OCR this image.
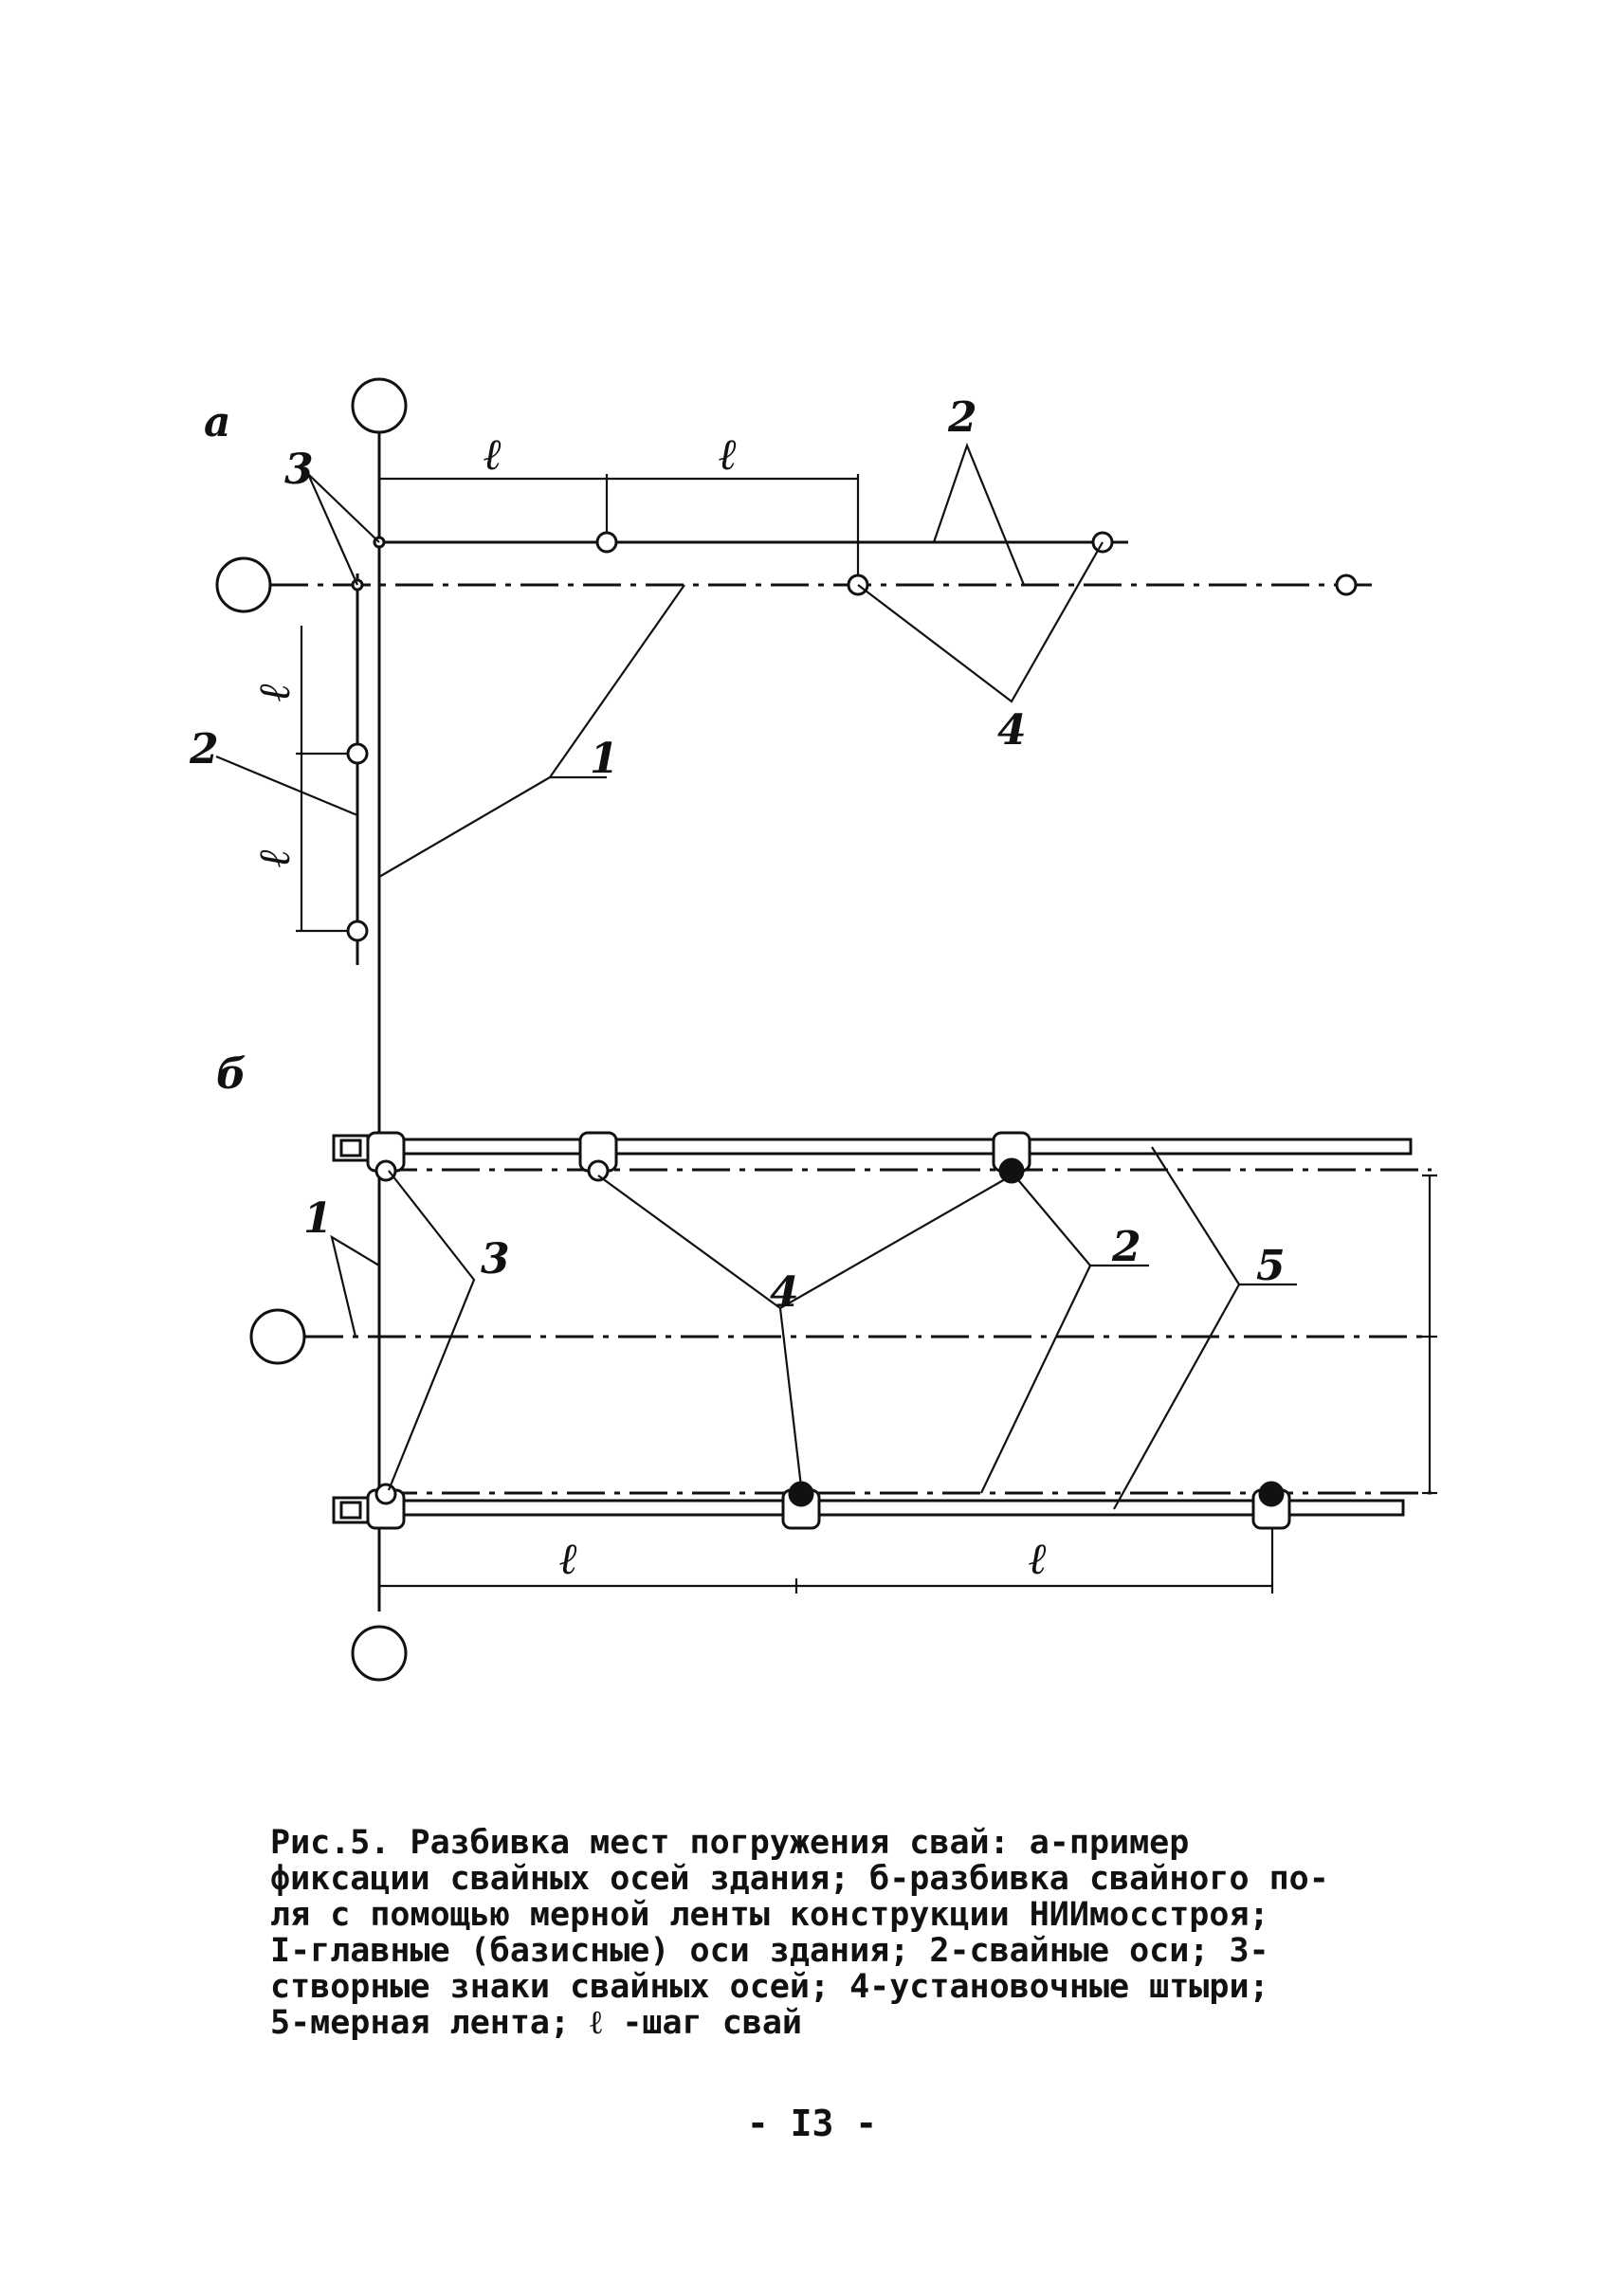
а
ℓ	ℓ
ℓ
ℓ
3
2
2	1
4
б
ℓ	ℓ
1
3
4
2	5
Рис.5. Разбивка мест погружения свай: а-пример
фиксации свайных осей здания; б-разбивка свайного по-
ля с помощью мерной ленты конструкции НИИмосстроя;
I-главные (базисные) оси здания; 2-свайные оси; 3-
створные знаки свайных осей; 4-установочные штыри;
5-мерная лента; ℓ -шаг свай
- I3 -
